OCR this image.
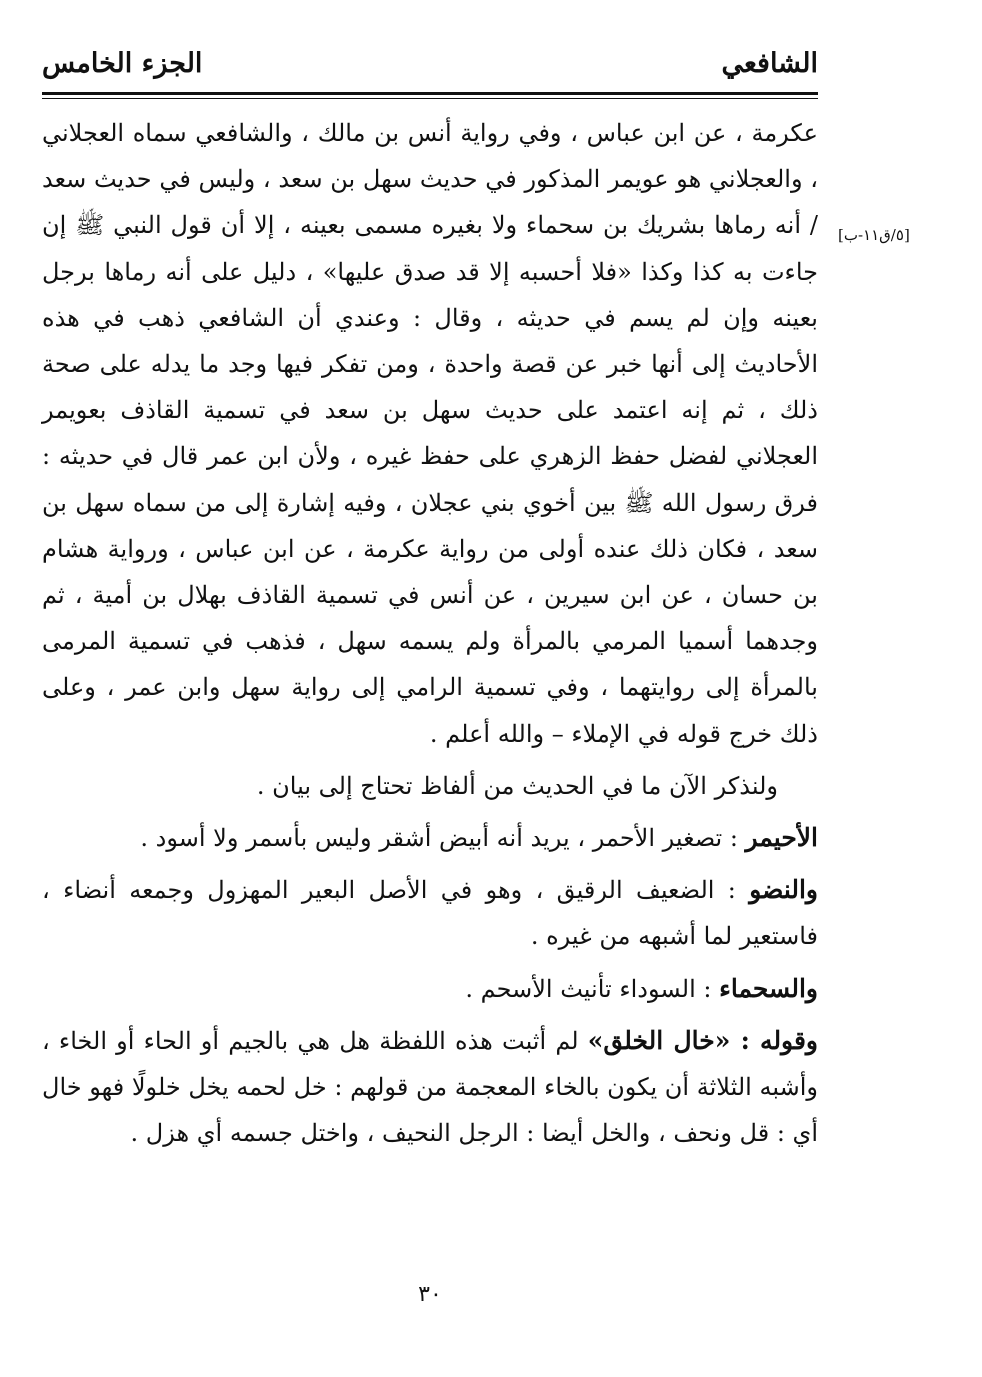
الشافعي
الجزء الخامس
[٥/ق١١-ب]

عكرمة ، عن ابن عباس ، وفي رواية أنس بن مالك ، والشافعي سماه العجلاني ، والعجلاني هو عويمر المذكور في حديث سهل بن سعد ، وليس في حديث سعد / أنه رماها بشريك بن سحماء ولا بغيره مسمى بعينه ، إلا أن قول النبي ﷺ إن جاءت به كذا وكذا «فلا أحسبه إلا قد صدق عليها» ، دليل على أنه رماها برجل بعينه وإن لم يسم في حديثه ، وقال : وعندي أن الشافعي ذهب في هذه الأحاديث إلى أنها خبر عن قصة واحدة ، ومن تفكر فيها وجد ما يدله على صحة ذلك ، ثم إنه اعتمد على حديث سهل بن سعد في تسمية القاذف بعويمر العجلاني لفضل حفظ الزهري على حفظ غيره ، ولأن ابن عمر قال في حديثه : فرق رسول الله ﷺ بين أخوي بني عجلان ، وفيه إشارة إلى من سماه سهل بن سعد ، فكان ذلك عنده أولى من رواية عكرمة ، عن ابن عباس ، ورواية هشام بن حسان ، عن ابن سيرين ، عن أنس في تسمية القاذف بهلال بن أمية ، ثم وجدهما أسميا المرمي بالمرأة ولم يسمه سهل ، فذهب في تسمية المرمى بالمرأة إلى روايتهما ، وفي تسمية الرامي إلى رواية سهل وابن عمر ، وعلى ذلك خرج قوله في الإملاء – والله أعلم .

ولنذكر الآن ما في الحديث من ألفاظ تحتاج إلى بيان .

الأحيمر : تصغير الأحمر ، يريد أنه أبيض أشقر وليس بأسمر ولا أسود .

والنضو : الضعيف الرقيق ، وهو في الأصل البعير المهزول وجمعه أنضاء ، فاستعير لما أشبهه من غيره .

والسحماء : السوداء تأنيث الأسحم .

وقوله : «خال الخلق» لم أثبت هذه اللفظة هل هي بالجيم أو الحاء أو الخاء ، وأشبه الثلاثة أن يكون بالخاء المعجمة من قولهم : خل لحمه يخل خلولًا فهو خال أي : قل ونحف ، والخل أيضا : الرجل النحيف ، واختل جسمه أي هزل .

٣٠
